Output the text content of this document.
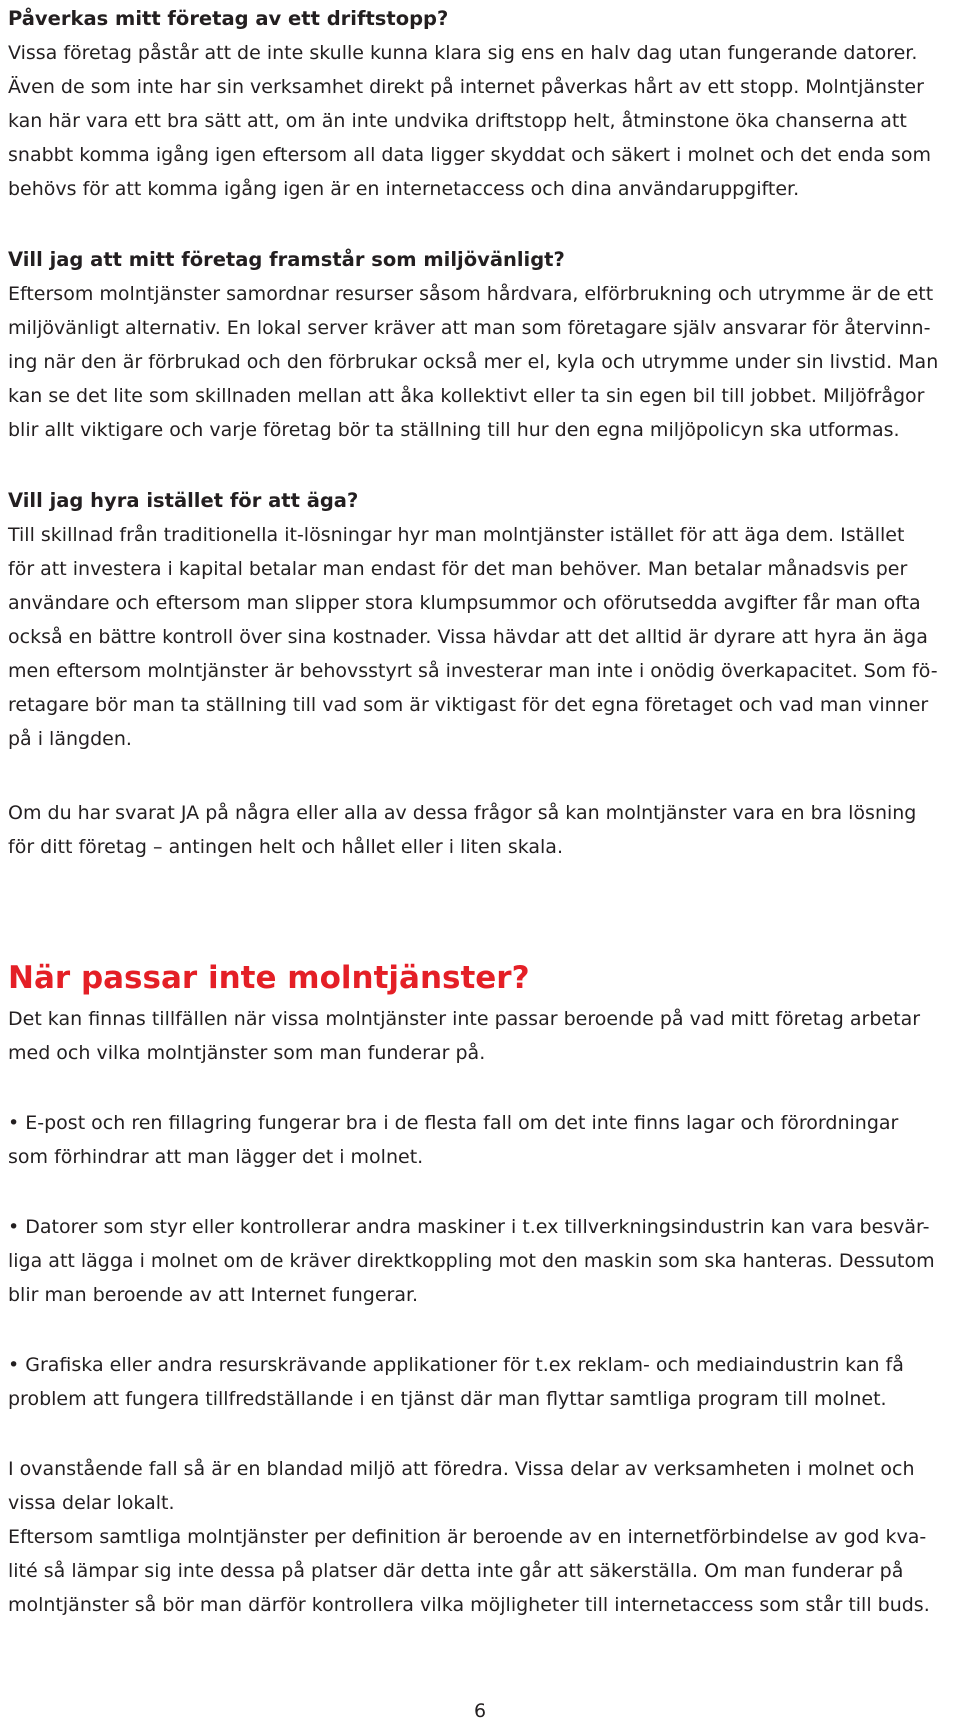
Påverkas mitt företag av ett driftstopp?

Vissa företag påstår att de inte skulle kunna klara sig ens en halv dag utan fungerande datorer.
Även de som inte har sin verksamhet direkt på internet påverkas hårt av ett stopp. Molntjänster
kan här vara ett bra sätt att, om än inte undvika driftstopp helt, åtminstone öka chanserna att
snabbt komma igång igen eftersom all data ligger skyddat och säkert i molnet och det enda som
behövs för att komma igång igen är en internetaccess och dina användaruppgifter.

Vill jag att mitt företag framstår som miljövänligt?

Eftersom molntjänster samordnar resurser såsom hårdvara, elförbrukning och utrymme är de ett
miljövänligt alternativ. En lokal server kräver att man som företagare själv ansvarar för återvinn-
ing när den är förbrukad och den förbrukar också mer el, kyla och utrymme under sin livstid. Man
kan se det lite som skillnaden mellan att åka kollektivt eller ta sin egen bil till jobbet. Miljöfrågor
blir allt viktigare och varje företag bör ta ställning till hur den egna miljöpolicyn ska utformas.

Vill jag hyra istället för att äga?

Till skillnad från traditionella it-lösningar hyr man molntjänster istället för att äga dem. Istället
för att investera i kapital betalar man endast för det man behöver. Man betalar månadsvis per
användare och eftersom man slipper stora klumpsummor och oförutsedda avgifter får man ofta
också en bättre kontroll över sina kostnader. Vissa hävdar att det alltid är dyrare att hyra än äga
men eftersom molntjänster är behovsstyrt så investerar man inte i onödig överkapacitet. Som fö-
retagare bör man ta ställning till vad som är viktigast för det egna företaget och vad man vinner
på i längden.

Om du har svarat JA på några eller alla av dessa frågor så kan molntjänster vara en bra lösning
för ditt företag – antingen helt och hållet eller i liten skala.

När passar inte molntjänster?

Det kan finnas tillfällen när vissa molntjänster inte passar beroende på vad mitt företag arbetar
med och vilka molntjänster som man funderar på.

• E-post och ren fillagring fungerar bra i de flesta fall om det inte finns lagar och förordningar
som förhindrar att man lägger det i molnet.

• Datorer som styr eller kontrollerar andra maskiner i t.ex tillverkningsindustrin kan vara besvär-
liga att lägga i molnet om de kräver direktkoppling mot den maskin som ska hanteras. Dessutom
blir man beroende av att Internet fungerar.

• Grafiska eller andra resurskrävande applikationer för t.ex reklam- och mediaindustrin kan få
problem att fungera tillfredställande i en tjänst där man flyttar samtliga program till molnet.

I ovanstående fall så är en blandad miljö att föredra. Vissa delar av verksamheten i molnet och
vissa delar lokalt.
Eftersom samtliga molntjänster per definition är beroende av en internetförbindelse av god kva-
lité så lämpar sig inte dessa på platser där detta inte går att säkerställa. Om man funderar på
molntjänster så bör man därför kontrollera vilka möjligheter till internetaccess som står till buds.

6
